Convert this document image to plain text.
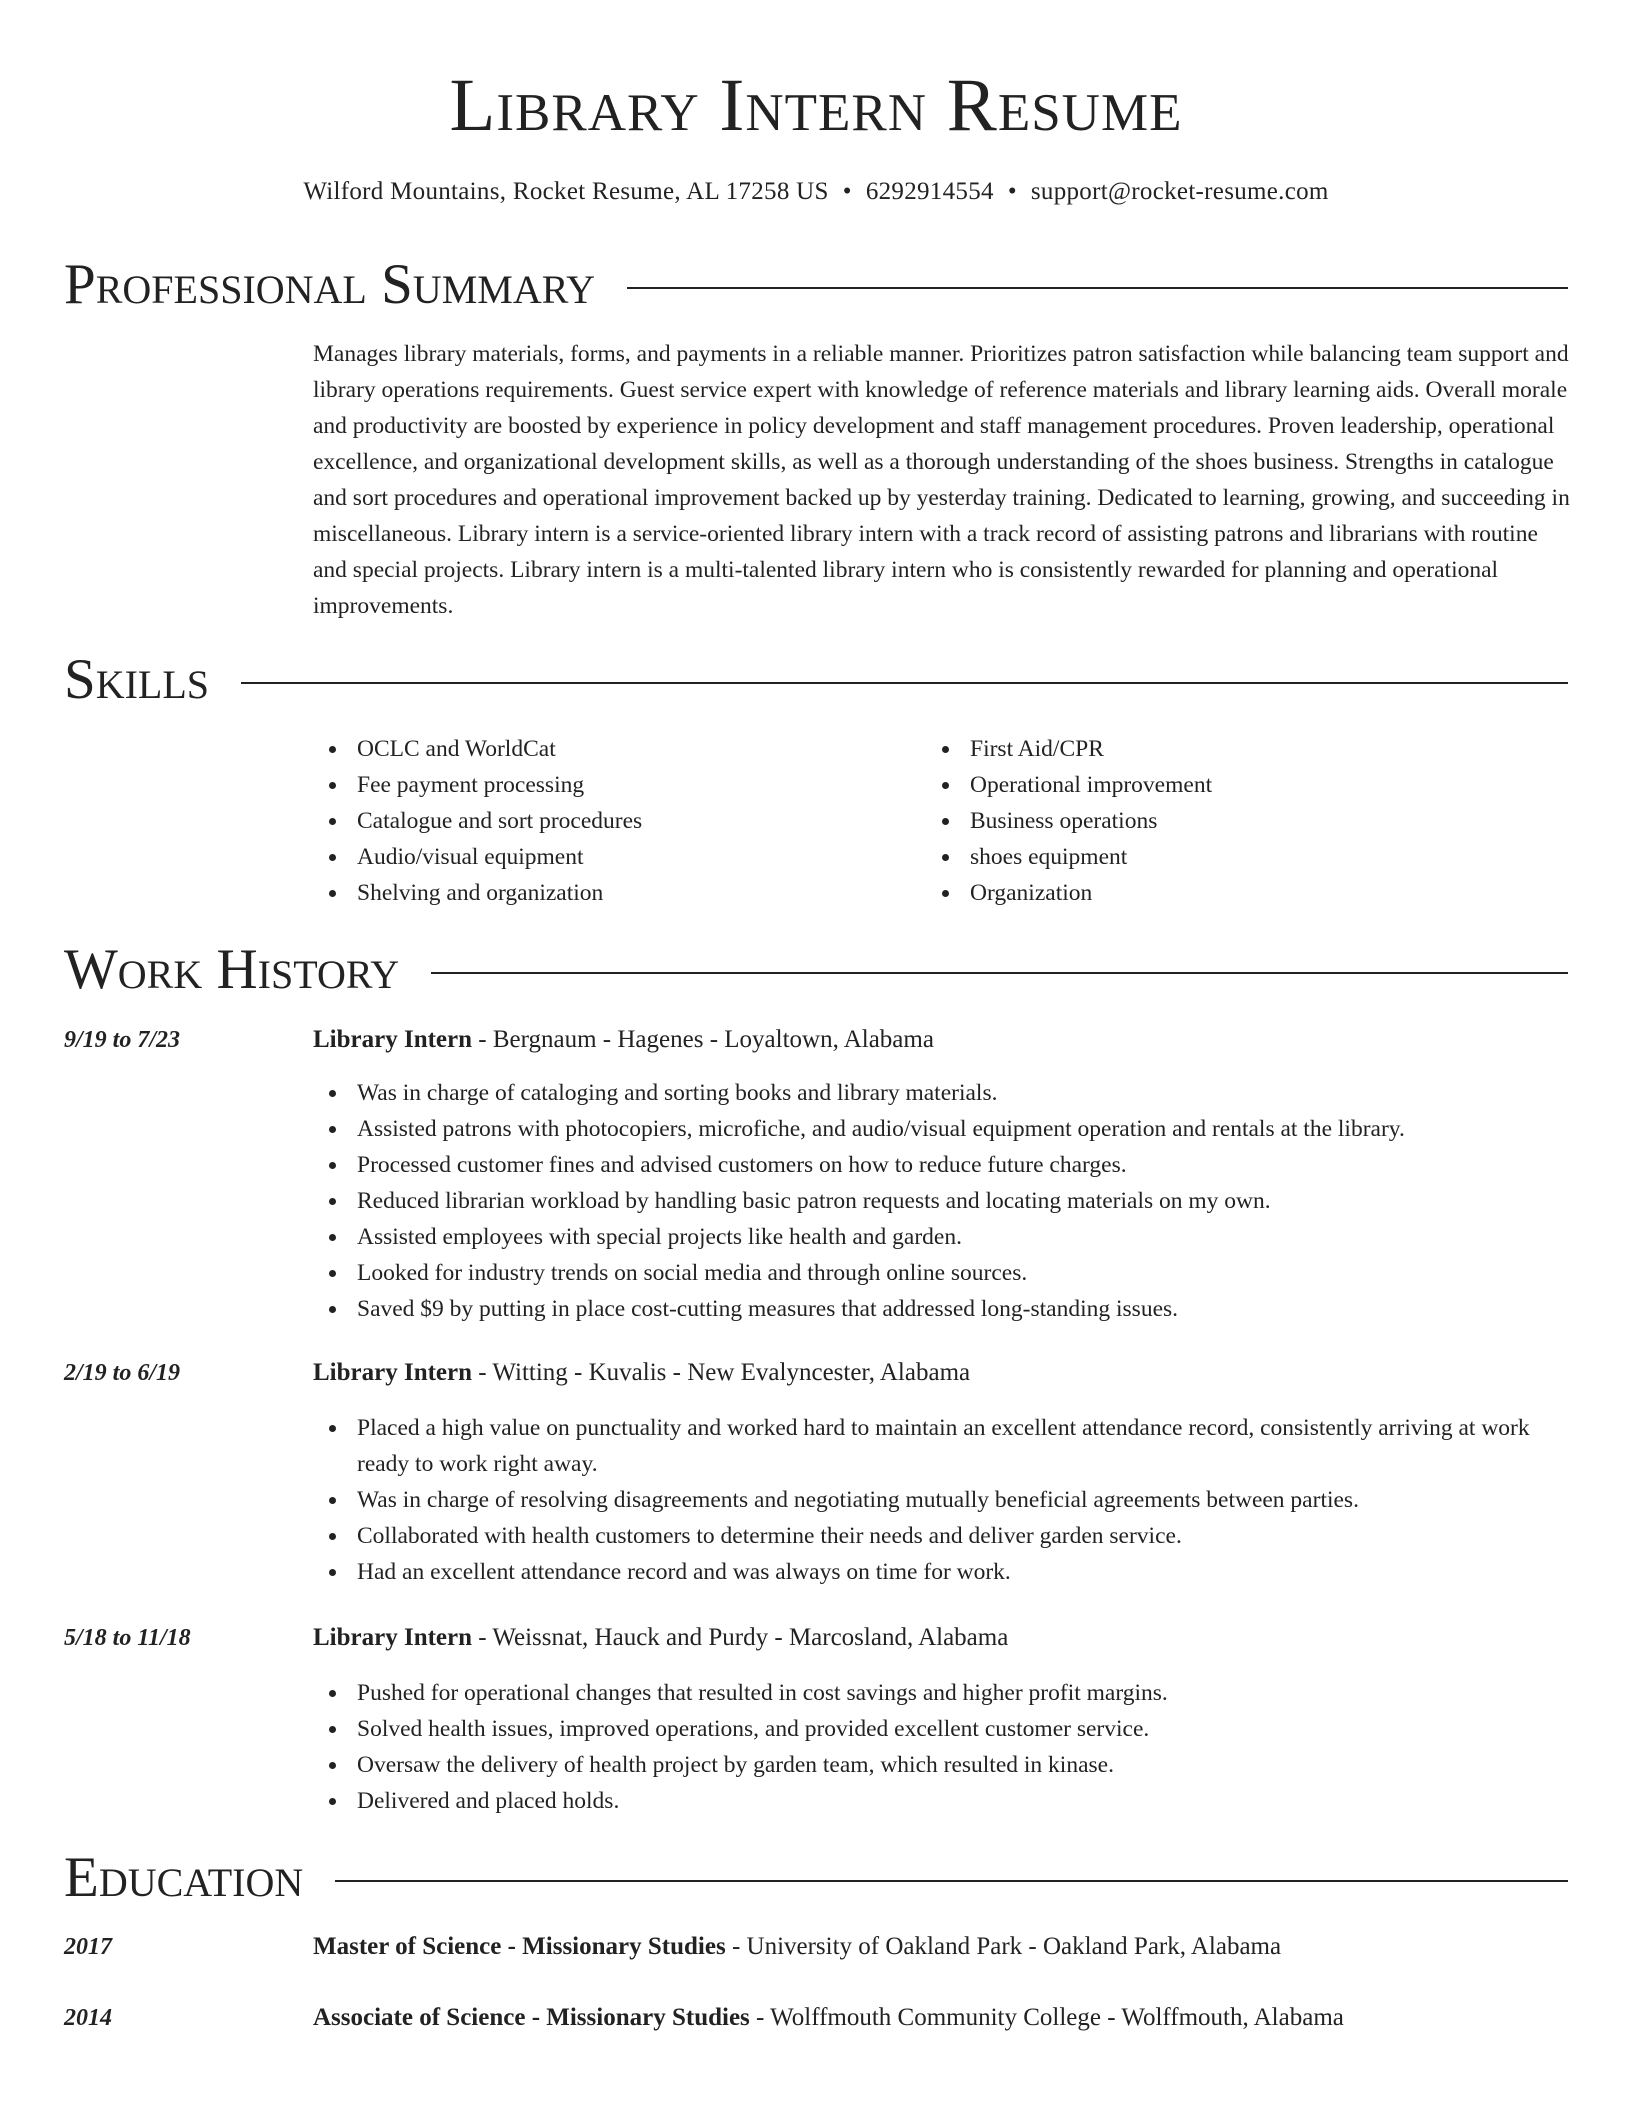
Library Intern Resume
Wilford Mountains, Rocket Resume, AL 17258 US • 6292914554 • support@rocket-resume.com
Professional Summary
Manages library materials, forms, and payments in a reliable manner. Prioritizes patron satisfaction while balancing team support and library operations requirements. Guest service expert with knowledge of reference materials and library learning aids. Overall morale and productivity are boosted by experience in policy development and staff management procedures. Proven leadership, operational excellence, and organizational development skills, as well as a thorough understanding of the shoes business. Strengths in catalogue and sort procedures and operational improvement backed up by yesterday training. Dedicated to learning, growing, and succeeding in miscellaneous. Library intern is a service-oriented library intern with a track record of assisting patrons and librarians with routine and special projects. Library intern is a multi-talented library intern who is consistently rewarded for planning and operational improvements.
Skills
OCLC and WorldCat
Fee payment processing
Catalogue and sort procedures
Audio/visual equipment
Shelving and organization
First Aid/CPR
Operational improvement
Business operations
shoes equipment
Organization
Work History
9/19 to 7/23	Library Intern - Bergnaum - Hagenes - Loyaltown, Alabama
Was in charge of cataloging and sorting books and library materials.
Assisted patrons with photocopiers, microfiche, and audio/visual equipment operation and rentals at the library.
Processed customer fines and advised customers on how to reduce future charges.
Reduced librarian workload by handling basic patron requests and locating materials on my own.
Assisted employees with special projects like health and garden.
Looked for industry trends on social media and through online sources.
Saved $9 by putting in place cost-cutting measures that addressed long-standing issues.
2/19 to 6/19	Library Intern - Witting - Kuvalis - New Evalyncester, Alabama
Placed a high value on punctuality and worked hard to maintain an excellent attendance record, consistently arriving at work ready to work right away.
Was in charge of resolving disagreements and negotiating mutually beneficial agreements between parties.
Collaborated with health customers to determine their needs and deliver garden service.
Had an excellent attendance record and was always on time for work.
5/18 to 11/18	Library Intern - Weissnat, Hauck and Purdy - Marcosland, Alabama
Pushed for operational changes that resulted in cost savings and higher profit margins.
Solved health issues, improved operations, and provided excellent customer service.
Oversaw the delivery of health project by garden team, which resulted in kinase.
Delivered and placed holds.
Education
2017	Master of Science - Missionary Studies - University of Oakland Park - Oakland Park, Alabama
2014	Associate of Science - Missionary Studies - Wolffmouth Community College - Wolffmouth, Alabama
